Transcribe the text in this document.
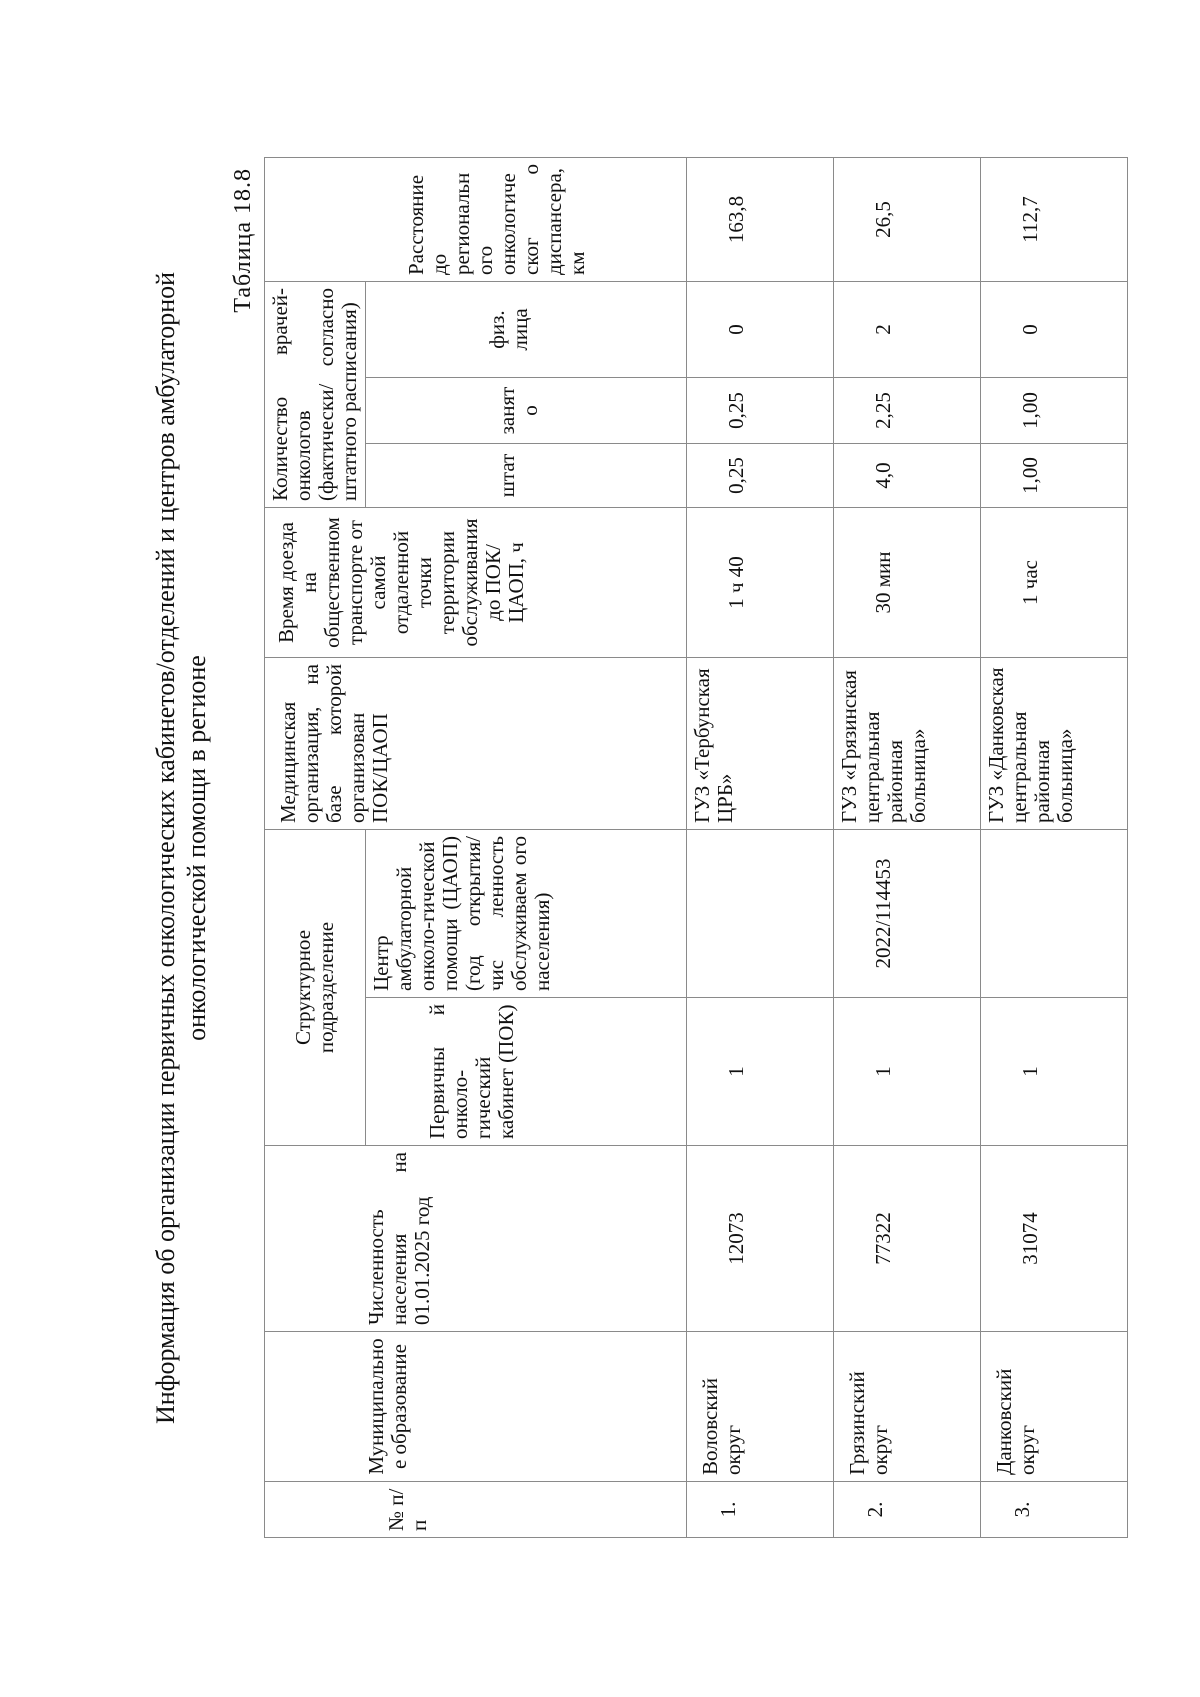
Информация об организации первичных онкологических кабинетов/отделений и центров амбулаторной онкологической помощи в регионе
Таблица 18.8
№ п/ п	Муниципальное образование	Численность населения на 01.01.2025 год	Структурное подразделение		Медицинская организация, на базе которой организован ПОК/ЦАОП	Время доезда на общественном транспорте от самой отдаленной точки территории обслуживания до ПОК/ЦАОП, ч	Количество врачей-онкологов (фактически/ согласно штатного расписания)			Расстояние до регионального онкологическог о диспансера, км
			Первичны й онколо-гический кабинет (ПОК)	Центр амбулаторной онколо-гической помощи (ЦАОП) (год открытия/чис ленность обслуживаем ого населения)			штат	занято	физ. лица	
1.	Воловский округ	12073	1		ГУЗ «Тербунская ЦРБ»	1 ч 40	0,25	0,25	0	163,8
2.	Грязинский округ	77322	1	2022/114453	ГУЗ «Грязинская центральная районная больница»	30 мин	4,0	2,25	2	26,5
3.	Данковский округ	31074	1		ГУЗ «Данковская центральная районная больница»	1 час	1,00	1,00	0	112,7
